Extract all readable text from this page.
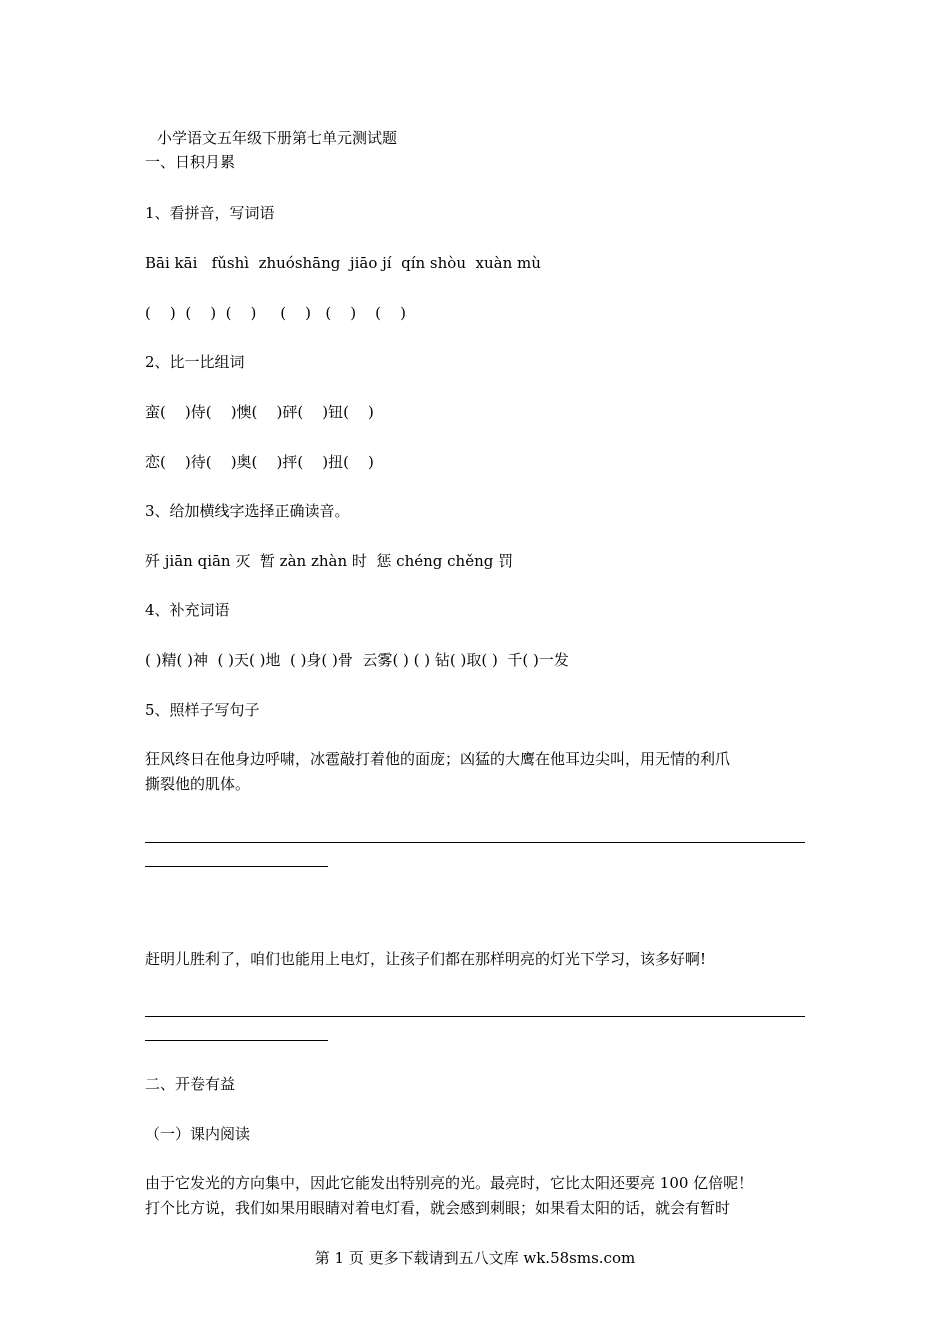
小学语文五年级下册第七单元测试题
一、日积月累
1、看拼音，写词语
Bāi kāi   fǔshì  zhuóshāng  jiāo jí  qín shòu  xuàn mù
(    )  (    )  (    )     (    )   (    )    (    )
2、比一比组词
蛮(    )侍(    )懊(    )砰(    )钮(    )
恋(    )待(    )奥(    )抨(    )扭(    )
3、给加横线字选择正确读音。
歼 jiān qiān 灭  暂 zàn zhàn 时  惩 chéng chěng 罚
4、补充词语
( )精( )神  ( )天( )地  ( )身( )骨  云雾( ) ( ) 钻( )取( )  千( )一发
5、照样子写句子
狂风终日在他身边呼啸，冰雹敲打着他的面庞；凶猛的大鹰在他耳边尖叫，用无情的利爪
撕裂他的肌体。
赶明儿胜利了，咱们也能用上电灯，让孩子们都在那样明亮的灯光下学习，该多好啊!
二、开卷有益
（一）课内阅读
由于它发光的方向集中，因此它能发出特别亮的光。最亮时，它比太阳还要亮 100 亿倍呢！
打个比方说，我们如果用眼睛对着电灯看，就会感到刺眼；如果看太阳的话，就会有暂时
第 1 页 更多下载请到五八文库 wk.58sms.com
